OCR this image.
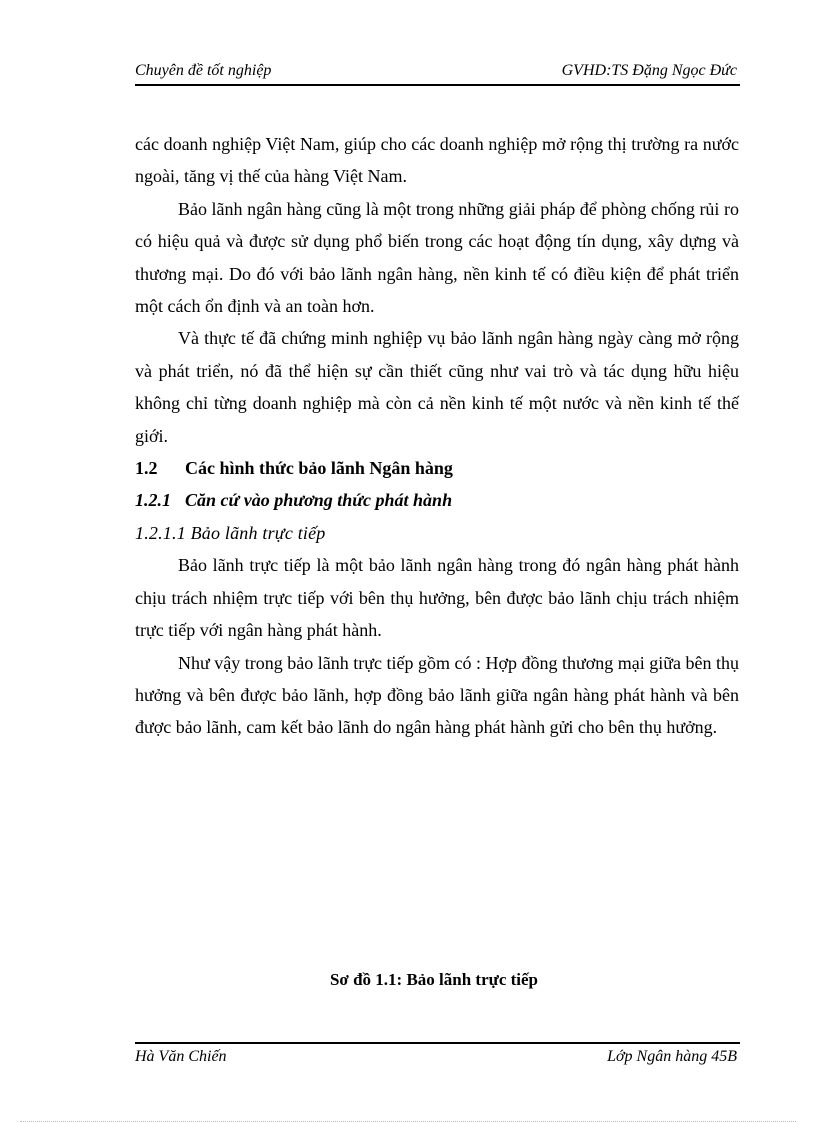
Chuyên đề tốt nghiệp	GVHD:TS Đặng Ngọc Đức

các doanh nghiệp Việt Nam, giúp cho các doanh nghiệp mở rộng thị trường ra nước ngoài, tăng vị thế của hàng Việt Nam.

Bảo lãnh ngân hàng cũng là một trong những giải pháp để phòng chống rủi ro có hiệu quả và được sử dụng phổ biến trong các hoạt động tín dụng, xây dựng và thương mại. Do đó với bảo lãnh ngân hàng, nền kinh tế có điều kiện để phát triển một cách ổn định và an toàn hơn.

Và thực tế đã chứng minh nghiệp vụ bảo lãnh ngân hàng ngày càng mở rộng và phát triển, nó đã thể hiện sự cần thiết cũng như vai trò và tác dụng hữu hiệu không chỉ từng doanh nghiệp mà còn cả nền kinh tế một nước và nền kinh tế thế giới.

1.2 Các hình thức bảo lãnh Ngân hàng

1.2.1 Căn cứ vào phương thức phát hành

1.2.1.1 Bảo lãnh trực tiếp

Bảo lãnh trực tiếp là một bảo lãnh ngân hàng trong đó ngân hàng phát hành chịu trách nhiệm trực tiếp với bên thụ hưởng, bên được bảo lãnh chịu trách nhiệm trực tiếp với ngân hàng phát hành.

Như vậy trong bảo lãnh trực tiếp gồm có : Hợp đồng thương mại giữa bên thụ hưởng và bên được bảo lãnh, hợp đồng bảo lãnh giữa ngân hàng phát hành và bên được bảo lãnh, cam kết bảo lãnh do ngân hàng phát hành gửi cho bên thụ hưởng.

Sơ đồ 1.1: Bảo lãnh trực tiếp
Hà Văn Chiến	Lớp Ngân hàng 45B
